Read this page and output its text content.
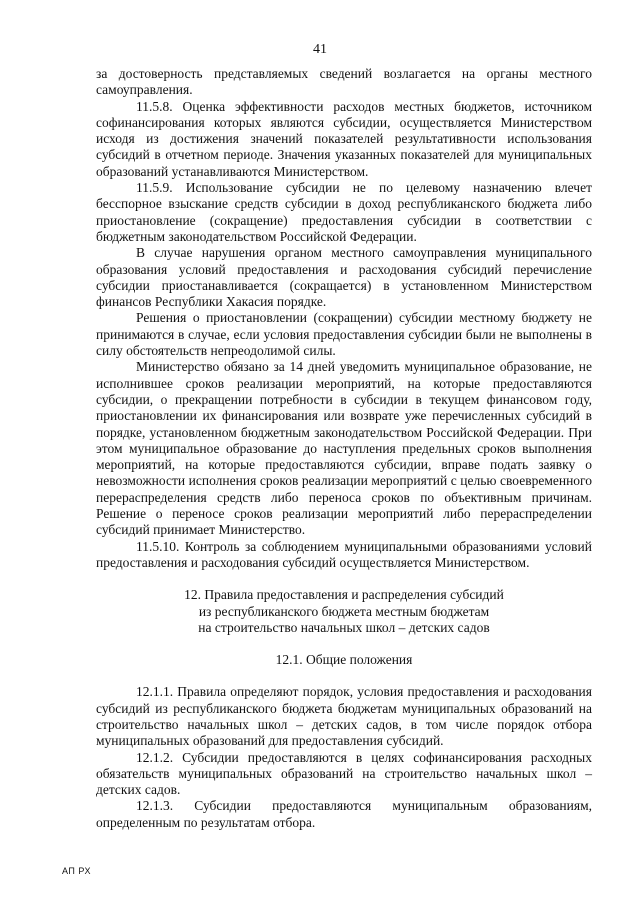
41

за достоверность представляемых сведений возлагается на органы местного самоуправления.

11.5.8. Оценка эффективности расходов местных бюджетов, источником софинансирования которых являются субсидии, осуществляется Министерством исходя из достижения значений показателей результативности использования субсидий в отчетном периоде. Значения указанных показателей для муниципальных образований устанавливаются Министерством.

11.5.9. Использование субсидии не по целевому назначению влечет бесспорное взыскание средств субсидии в доход республиканского бюджета либо приостановление (сокращение) предоставления субсидии в соответствии с бюджетным законодательством Российской Федерации.

В случае нарушения органом местного самоуправления муниципального образования условий предоставления и расходования субсидий перечисление субсидии приостанавливается (сокращается) в установленном Министерством финансов Республики Хакасия порядке.

Решения о приостановлении (сокращении) субсидии местному бюджету не принимаются в случае, если условия предоставления субсидии были не выполнены в силу обстоятельств непреодолимой силы.

Министерство обязано за 14 дней уведомить муниципальное образование, не исполнившее сроков реализации мероприятий, на которые предоставляются субсидии, о прекращении потребности в субсидии в текущем финансовом году, приостановлении их финансирования или возврате уже перечисленных субсидий в порядке, установленном бюджетным законодательством Российской Федерации. При этом муниципальное образование до наступления предельных сроков выполнения мероприятий, на которые предоставляются субсидии, вправе подать заявку о невозможности исполнения сроков реализации мероприятий с целью своевременного перераспределения средств либо переноса сроков по объективным причинам. Решение о переносе сроков реализации мероприятий либо перераспределении субсидий принимает Министерство.

11.5.10. Контроль за соблюдением муниципальными образованиями условий предоставления и расходования субсидий осуществляется Министерством.

12. Правила предоставления и распределения субсидий

из республиканского бюджета местным бюджетам

на строительство начальных школ – детских садов

12.1. Общие положения

12.1.1. Правила определяют порядок, условия предоставления и расходования субсидий из республиканского бюджета бюджетам муниципальных образований на строительство начальных школ – детских садов, в том числе порядок отбора муниципальных образований для предоставления субсидий.

12.1.2. Субсидии предоставляются в целях софинансирования расходных обязательств муниципальных образований на строительство начальных школ – детских садов.

12.1.3. Субсидии предоставляются муниципальным образованиям, определенным по результатам отбора.

АП РХ
